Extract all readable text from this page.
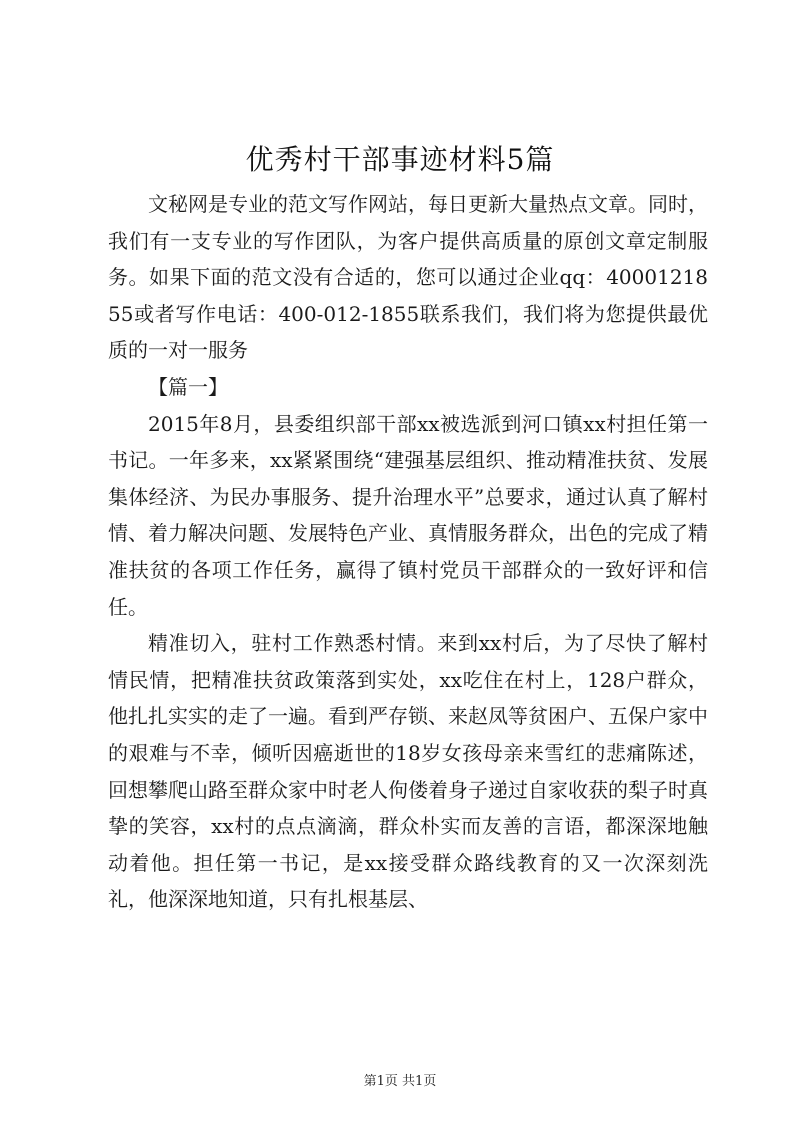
优秀村干部事迹材料5篇

文秘网是专业的范文写作网站，每日更新大量热点文章。同时，我们有一支专业的写作团队，为客户提供高质量的原创文章定制服务。如果下面的范文没有合适的，您可以通过企业qq：4000121855或者写作电话：400-012-1855联系我们，我们将为您提供最优质的一对一服务

【篇一】

2015年8月，县委组织部干部xx被选派到河口镇xx村担任第一书记。一年多来，xx紧紧围绕“建强基层组织、推动精准扶贫、发展集体经济、为民办事服务、提升治理水平”总要求，通过认真了解村情、着力解决问题、发展特色产业、真情服务群众，出色的完成了精准扶贫的各项工作任务，赢得了镇村党员干部群众的一致好评和信任。

精准切入，驻村工作熟悉村情。来到xx村后，为了尽快了解村情民情，把精准扶贫政策落到实处，xx吃住在村上，128户群众，他扎扎实实的走了一遍。看到严存锁、来赵凤等贫困户、五保户家中的艰难与不幸，倾听因癌逝世的18岁女孩母亲来雪红的悲痛陈述，回想攀爬山路至群众家中时老人佝偻着身子递过自家收获的梨子时真挚的笑容，xx村的点点滴滴，群众朴实而友善的言语，都深深地触动着他。担任第一书记，是xx接受群众路线教育的又一次深刻洗礼，他深深地知道，只有扎根基层、

第1页 共1页
